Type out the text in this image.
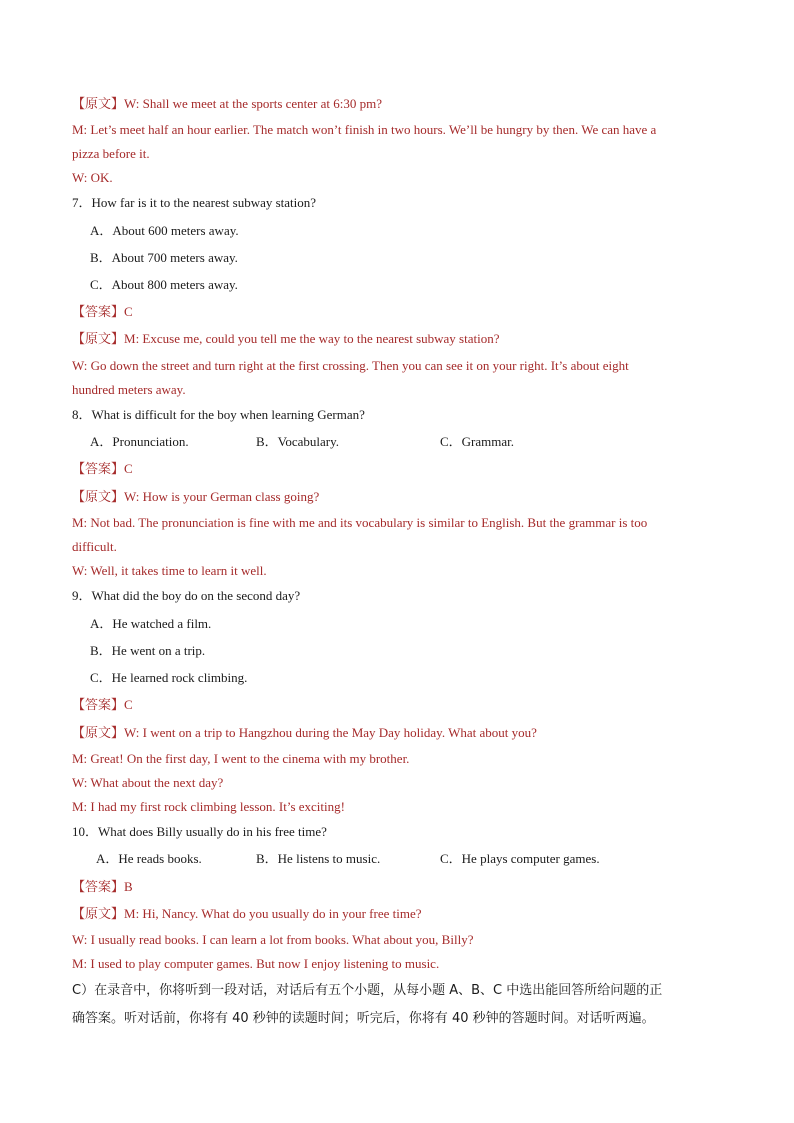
【原文】W: Shall we meet at the sports center at 6:30 pm?
M: Let’s meet half an hour earlier. The match won’t finish in two hours. We’ll be hungry by then. We can have a
pizza before it.
W: OK.
7．How far is it to the nearest subway station?
A．About 600 meters away.
B．About 700 meters away.
C．About 800 meters away.
【答案】C
【原文】M: Excuse me, could you tell me the way to the nearest subway station?
W: Go down the street and turn right at the first crossing. Then you can see it on your right. It’s about eight
hundred meters away.
8．What is difficult for the boy when learning German?
A．Pronunciation.	B．Vocabulary.	C．Grammar.
【答案】C
【原文】W: How is your German class going?
M: Not bad. The pronunciation is fine with me and its vocabulary is similar to English. But the grammar is too
difficult.
W: Well, it takes time to learn it well.
9．What did the boy do on the second day?
A．He watched a film.
B．He went on a trip.
C．He learned rock climbing.
【答案】C
【原文】W: I went on a trip to Hangzhou during the May Day holiday. What about you?
M: Great! On the first day, I went to the cinema with my brother.
W: What about the next day?
M: I had my first rock climbing lesson. It’s exciting!
10．What does Billy usually do in his free time?
A．He reads books.	B．He listens to music.	C．He plays computer games.
【答案】B
【原文】M: Hi, Nancy. What do you usually do in your free time?
W: I usually read books. I can learn a lot from books. What about you, Billy?
M: I used to play computer games. But now I enjoy listening to music.
C）在录音中，你将听到一段对话，对话后有五个小题，从每小题 A、B、C 中选出能回答所给问题的正
确答案。听对话前，你将有 40 秒钟的读题时间；听完后，你将有 40 秒钟的答题时间。对话听两遍。
